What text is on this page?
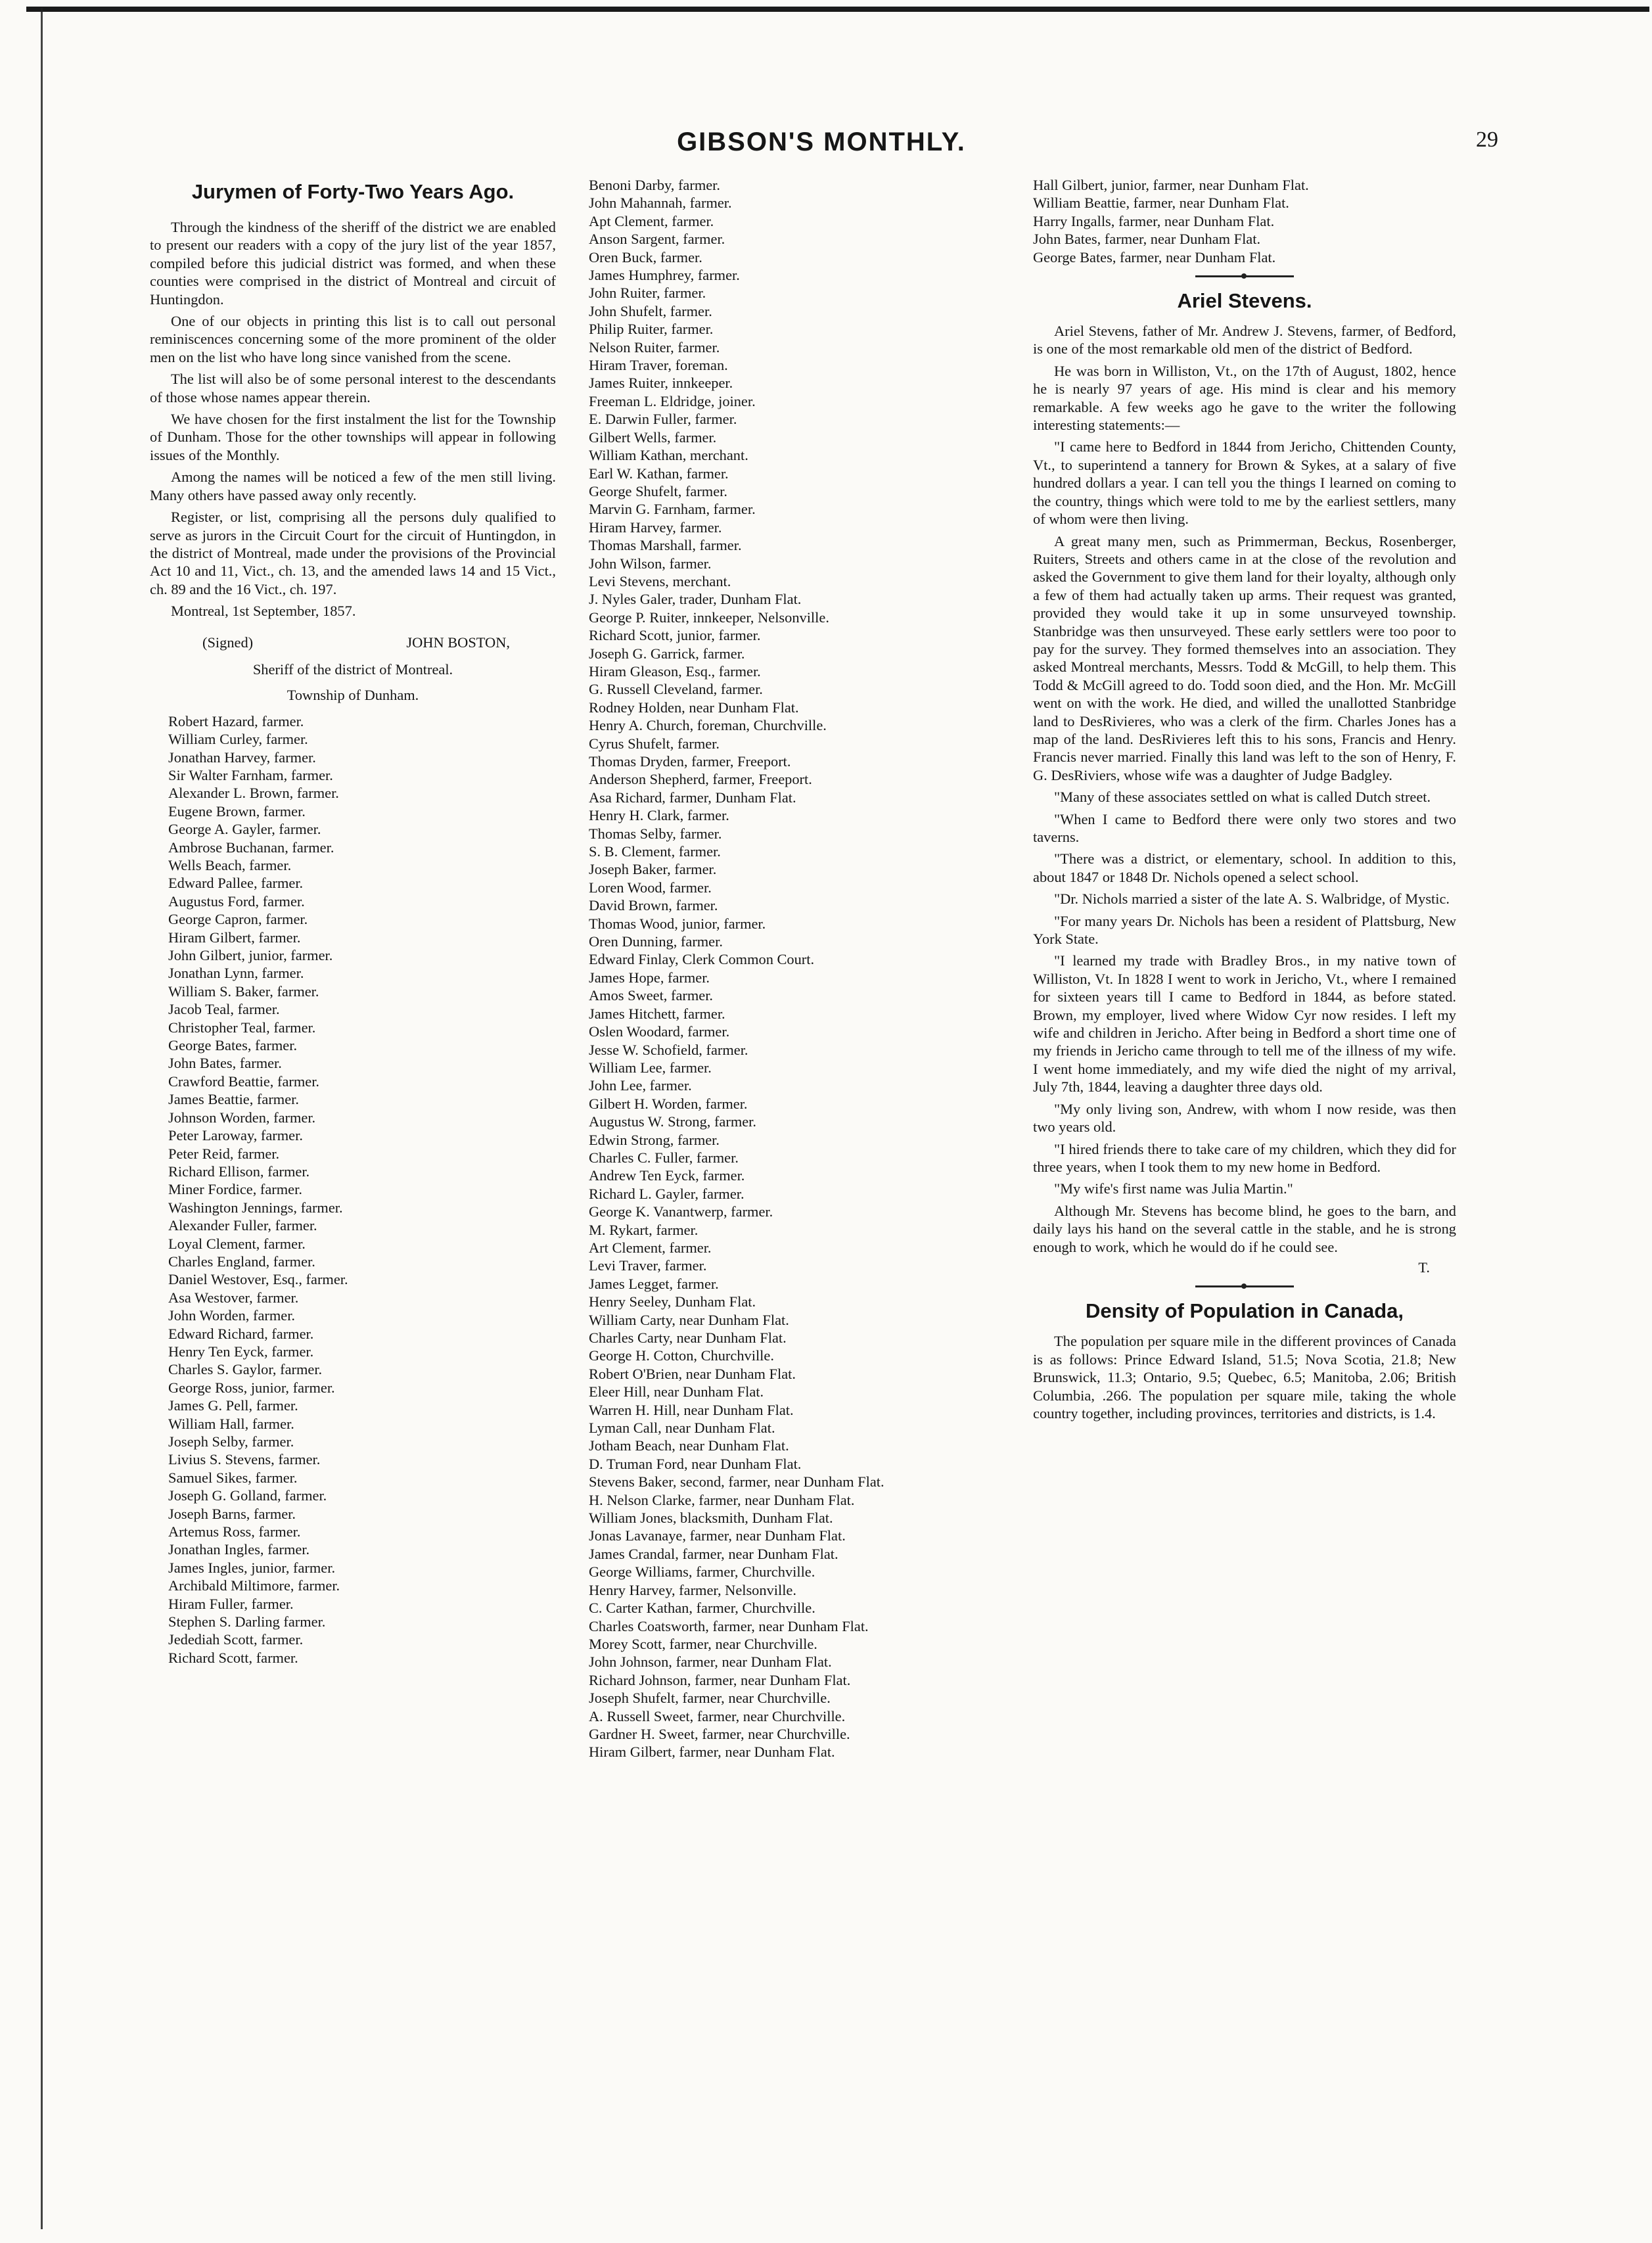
GIBSON'S MONTHLY.	29
Jurymen of Forty-Two Years Ago.

Through the kindness of the sheriff of the district we are enabled to present our readers with a copy of the jury list of the year 1857, compiled before this judicial district was formed, and when these counties were comprised in the district of Montreal and circuit of Huntingdon.

One of our objects in printing this list is to call out personal reminiscences concerning some of the more prominent of the older men on the list who have long since vanished from the scene.

The list will also be of some personal interest to the descendants of those whose names appear therein.

We have chosen for the first instalment the list for the Township of Dunham. Those for the other townships will appear in following issues of the Monthly.

Among the names will be noticed a few of the men still living. Many others have passed away only recently.

Register, or list, comprising all the persons duly qualified to serve as jurors in the Circuit Court for the circuit of Huntingdon, in the district of Montreal, made under the provisions of the Provincial Act 10 and 11, Vict., ch. 13, and the amended laws 14 and 15 Vict., ch. 89 and the 16 Vict., ch. 197.

Montreal, 1st September, 1857.
(Signed)	JOHN BOSTON,
Sheriff of the district of Montreal.
Township of Dunham.
Robert Hazard, farmer.
William Curley, farmer.
Jonathan Harvey, farmer.
Sir Walter Farnham, farmer.
Alexander L. Brown, farmer.
Eugene Brown, farmer.
George A. Gayler, farmer.
Ambrose Buchanan, farmer.
Wells Beach, farmer.
Edward Pallee, farmer.
Augustus Ford, farmer.
George Capron, farmer.
Hiram Gilbert, farmer.
John Gilbert, junior, farmer.
Jonathan Lynn, farmer.
William S. Baker, farmer.
Jacob Teal, farmer.
Christopher Teal, farmer.
George Bates, farmer.
John Bates, farmer.
Crawford Beattie, farmer.
James Beattie, farmer.
Johnson Worden, farmer.
Peter Laroway, farmer.
Peter Reid, farmer.
Richard Ellison, farmer.
Miner Fordice, farmer.
Washington Jennings, farmer.
Alexander Fuller, farmer.
Loyal Clement, farmer.
Charles England, farmer.
Daniel Westover, Esq., farmer.
Asa Westover, farmer.
John Worden, farmer.
Edward Richard, farmer.
Henry Ten Eyck, farmer.
Charles S. Gaylor, farmer.
George Ross, junior, farmer.
James G. Pell, farmer.
William Hall, farmer.
Joseph Selby, farmer.
Livius S. Stevens, farmer.
Samuel Sikes, farmer.
Joseph G. Golland, farmer.
Joseph Barns, farmer.
Artemus Ross, farmer.
Jonathan Ingles, farmer.
James Ingles, junior, farmer.
Archibald Miltimore, farmer.
Hiram Fuller, farmer.
Stephen S. Darling farmer.
Jedediah Scott, farmer.
Richard Scott, farmer.
Benoni Darby, farmer.
John Mahannah, farmer.
Apt Clement, farmer.
Anson Sargent, farmer.
Oren Buck, farmer.
James Humphrey, farmer.
John Ruiter, farmer.
John Shufelt, farmer.
Philip Ruiter, farmer.
Nelson Ruiter, farmer.
Hiram Traver, foreman.
James Ruiter, innkeeper.
Freeman L. Eldridge, joiner.
E. Darwin Fuller, farmer.
Gilbert Wells, farmer.
William Kathan, merchant.
Earl W. Kathan, farmer.
George Shufelt, farmer.
Marvin G. Farnham, farmer.
Hiram Harvey, farmer.
Thomas Marshall, farmer.
John Wilson, farmer.
Levi Stevens, merchant.
J. Nyles Galer, trader, Dunham Flat.
George P. Ruiter, innkeeper, Nelsonville.
Richard Scott, junior, farmer.
Joseph G. Garrick, farmer.
Hiram Gleason, Esq., farmer.
G. Russell Cleveland, farmer.
Rodney Holden, near Dunham Flat.
Henry A. Church, foreman, Churchville.
Cyrus Shufelt, farmer.
Thomas Dryden, farmer, Freeport.
Anderson Shepherd, farmer, Freeport.
Asa Richard, farmer, Dunham Flat.
Henry H. Clark, farmer.
Thomas Selby, farmer.
S. B. Clement, farmer.
Joseph Baker, farmer.
Loren Wood, farmer.
David Brown, farmer.
Thomas Wood, junior, farmer.
Oren Dunning, farmer.
Edward Finlay, Clerk Common Court.
James Hope, farmer.
Amos Sweet, farmer.
James Hitchett, farmer.
Oslen Woodard, farmer.
Jesse W. Schofield, farmer.
William Lee, farmer.
John Lee, farmer.
Gilbert H. Worden, farmer.
Augustus W. Strong, farmer.
Edwin Strong, farmer.
Charles C. Fuller, farmer.
Andrew Ten Eyck, farmer.
Richard L. Gayler, farmer.
George K. Vanantwerp, farmer.
M. Rykart, farmer.
Art Clement, farmer.
Levi Traver, farmer.
James Legget, farmer.
Henry Seeley, Dunham Flat.
William Carty, near Dunham Flat.
Charles Carty, near Dunham Flat.
George H. Cotton, Churchville.
Robert O'Brien, near Dunham Flat.
Eleer Hill, near Dunham Flat.
Warren H. Hill, near Dunham Flat.
Lyman Call, near Dunham Flat.
Jotham Beach, near Dunham Flat.
D. Truman Ford, near Dunham Flat.
Stevens Baker, second, farmer, near Dunham Flat.
H. Nelson Clarke, farmer, near Dunham Flat.
William Jones, blacksmith, Dunham Flat.
Jonas Lavanaye, farmer, near Dunham Flat.
James Crandal, farmer, near Dunham Flat.
George Williams, farmer, Churchville.
Henry Harvey, farmer, Nelsonville.
C. Carter Kathan, farmer, Churchville.
Charles Coatsworth, farmer, near Dunham Flat.
Morey Scott, farmer, near Churchville.
John Johnson, farmer, near Dunham Flat.
Richard Johnson, farmer, near Dunham Flat.
Joseph Shufelt, farmer, near Churchville.
A. Russell Sweet, farmer, near Churchville.
Gardner H. Sweet, farmer, near Churchville.
Hiram Gilbert, farmer, near Dunham Flat.
Hall Gilbert, junior, farmer, near Dunham Flat.
William Beattie, farmer, near Dunham Flat.
Harry Ingalls, farmer, near Dunham Flat.
John Bates, farmer, near Dunham Flat.
George Bates, farmer, near Dunham Flat.
Ariel Stevens.

Ariel Stevens, father of Mr. Andrew J. Stevens, farmer, of Bedford, is one of the most remarkable old men of the district of Bedford.

He was born in Williston, Vt., on the 17th of August, 1802, hence he is nearly 97 years of age. His mind is clear and his memory remarkable. A few weeks ago he gave to the writer the following interesting statements:—

"I came here to Bedford in 1844 from Jericho, Chittenden County, Vt., to superintend a tannery for Brown & Sykes, at a salary of five hundred dollars a year. I can tell you the things I learned on coming to the country, things which were told to me by the earliest settlers, many of whom were then living.

A great many men, such as Primmerman, Beckus, Rosenberger, Ruiters, Streets and others came in at the close of the revolution and asked the Government to give them land for their loyalty, although only a few of them had actually taken up arms. Their request was granted, provided they would take it up in some unsurveyed township. Stanbridge was then unsurveyed. These early settlers were too poor to pay for the survey. They formed themselves into an association. They asked Montreal merchants, Messrs. Todd & McGill, to help them. This Todd & McGill agreed to do. Todd soon died, and the Hon. Mr. McGill went on with the work. He died, and willed the unallotted Stanbridge land to DesRivieres, who was a clerk of the firm. Charles Jones has a map of the land. DesRivieres left this to his sons, Francis and Henry. Francis never married. Finally this land was left to the son of Henry, F. G. DesRiviers, whose wife was a daughter of Judge Badgley.

"Many of these associates settled on what is called Dutch street.

"When I came to Bedford there were only two stores and two taverns.

"There was a district, or elementary, school. In addition to this, about 1847 or 1848 Dr. Nichols opened a select school.

"Dr. Nichols married a sister of the late A. S. Walbridge, of Mystic.

"For many years Dr. Nichols has been a resident of Plattsburg, New York State.

"I learned my trade with Bradley Bros., in my native town of Williston, Vt. In 1828 I went to work in Jericho, Vt., where I remained for sixteen years till I came to Bedford in 1844, as before stated. Brown, my employer, lived where Widow Cyr now resides. I left my wife and children in Jericho. After being in Bedford a short time one of my friends in Jericho came through to tell me of the illness of my wife. I went home immediately, and my wife died the night of my arrival, July 7th, 1844, leaving a daughter three days old.

"My only living son, Andrew, with whom I now reside, was then two years old.

"I hired friends there to take care of my children, which they did for three years, when I took them to my new home in Bedford.

"My wife's first name was Julia Martin."

Although Mr. Stevens has become blind, he goes to the barn, and daily lays his hand on the several cattle in the stable, and he is strong enough to work, which he would do if he could see.

T.
Density of Population in Canada,

The population per square mile in the different provinces of Canada is as follows: Prince Edward Island, 51.5; Nova Scotia, 21.8; New Brunswick, 11.3; Ontario, 9.5; Quebec, 6.5; Manitoba, 2.06; British Columbia, .266. The population per square mile, taking the whole country together, including provinces, territories and districts, is 1.4.
